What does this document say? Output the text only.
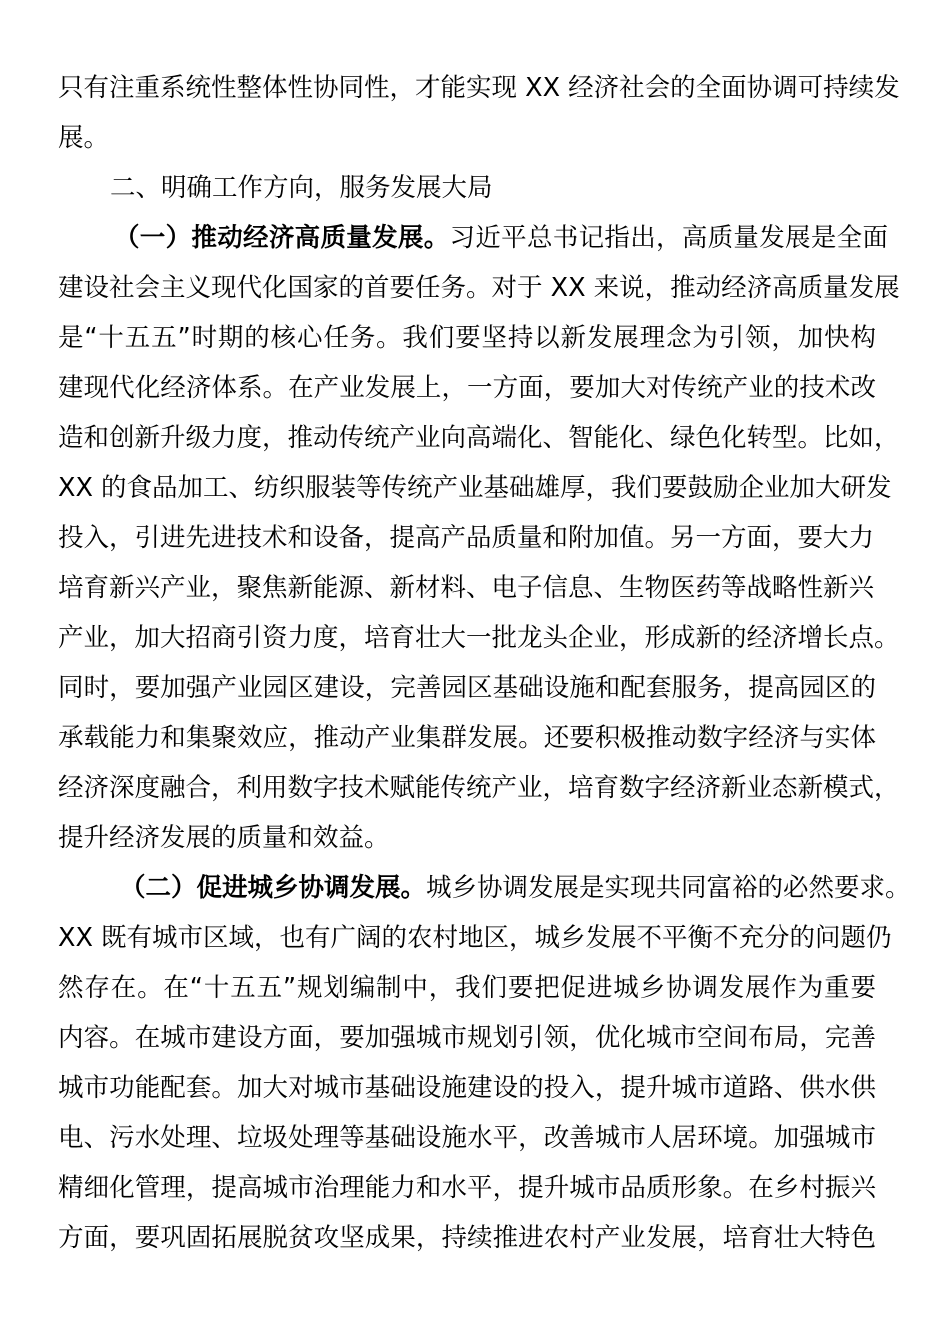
只有注重系统性整体性协同性，才能实现 XX 经济社会的全面协调可持续发
展。
二、明确工作方向，服务发展大局
（一）推动经济高质量发展。习近平总书记指出，高质量发展是全面
建设社会主义现代化国家的首要任务。对于 XX 来说，推动经济高质量发展
是“十五五”时期的核心任务。我们要坚持以新发展理念为引领，加快构
建现代化经济体系。在产业发展上，一方面，要加大对传统产业的技术改
造和创新升级力度，推动传统产业向高端化、智能化、绿色化转型。比如，
XX 的食品加工、纺织服装等传统产业基础雄厚，我们要鼓励企业加大研发
投入，引进先进技术和设备，提高产品质量和附加值。另一方面，要大力
培育新兴产业，聚焦新能源、新材料、电子信息、生物医药等战略性新兴
产业，加大招商引资力度，培育壮大一批龙头企业，形成新的经济增长点。
同时，要加强产业园区建设，完善园区基础设施和配套服务，提高园区的
承载能力和集聚效应，推动产业集群发展。还要积极推动数字经济与实体
经济深度融合，利用数字技术赋能传统产业，培育数字经济新业态新模式，
提升经济发展的质量和效益。
（二）促进城乡协调发展。城乡协调发展是实现共同富裕的必然要求。
XX 既有城市区域，也有广阔的农村地区，城乡发展不平衡不充分的问题仍
然存在。在“十五五”规划编制中，我们要把促进城乡协调发展作为重要
内容。在城市建设方面，要加强城市规划引领，优化城市空间布局，完善
城市功能配套。加大对城市基础设施建设的投入，提升城市道路、供水供
电、污水处理、垃圾处理等基础设施水平，改善城市人居环境。加强城市
精细化管理，提高城市治理能力和水平，提升城市品质形象。在乡村振兴
方面，要巩固拓展脱贫攻坚成果，持续推进农村产业发展，培育壮大特色
